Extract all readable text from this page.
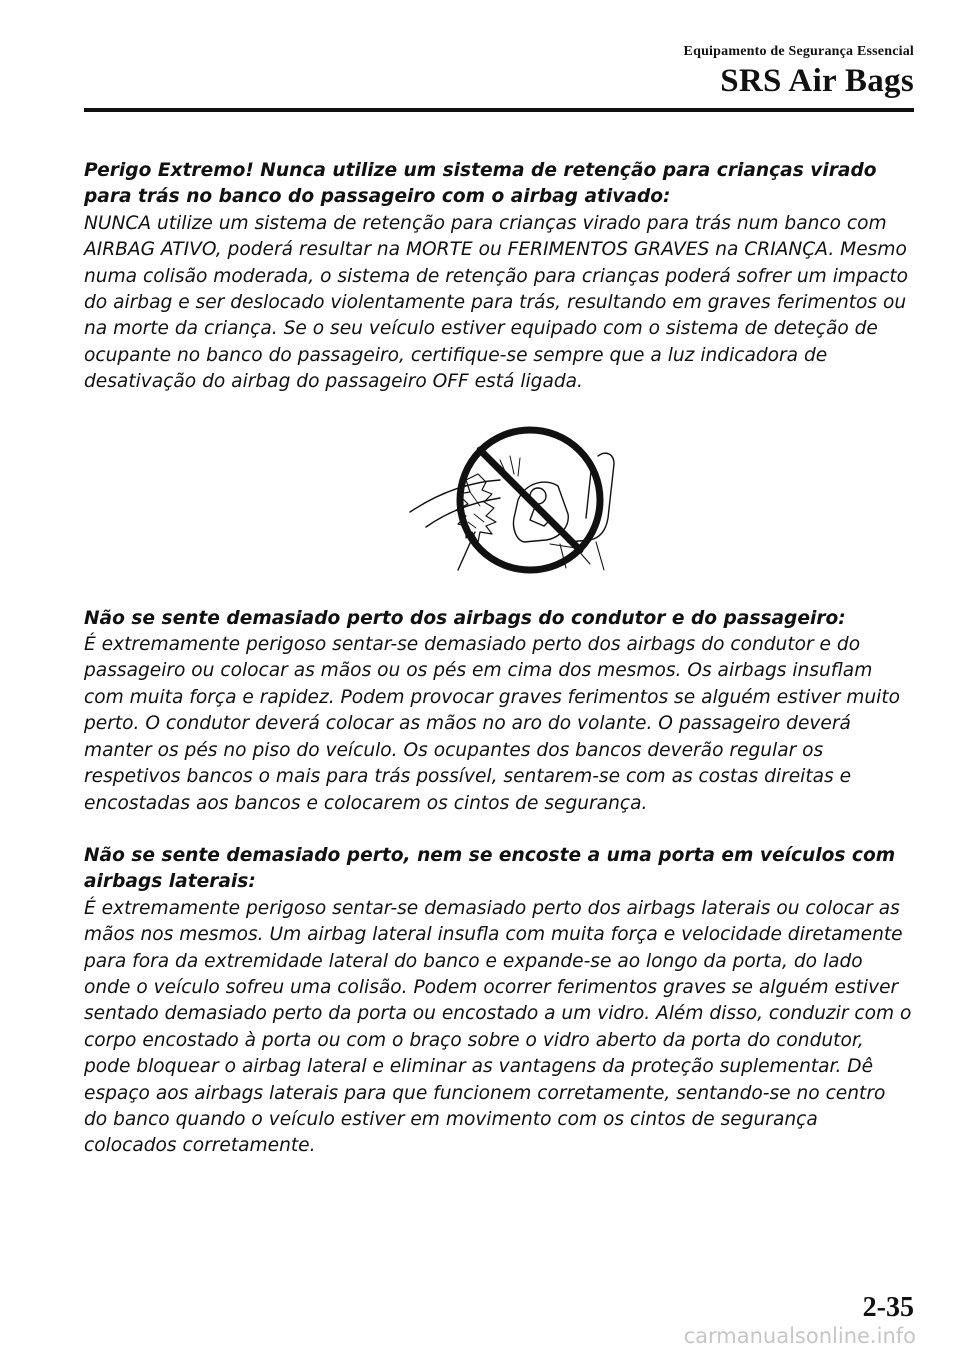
Equipamento de Segurança Essencial
SRS Air Bags

Perigo Extremo! Nunca utilize um sistema de retenção para crianças virado para trás no banco do passageiro com o airbag ativado:

NUNCA utilize um sistema de retenção para crianças virado para trás num banco com AIRBAG ATIVO, poderá resultar na MORTE ou FERIMENTOS GRAVES na CRIANÇA. Mesmo numa colisão moderada, o sistema de retenção para crianças poderá sofrer um impacto do airbag e ser deslocado violentamente para trás, resultando em graves ferimentos ou na morte da criança. Se o seu veículo estiver equipado com o sistema de deteção de ocupante no banco do passageiro, certifique-se sempre que a luz indicadora de desativação do airbag do passageiro OFF está ligada.

Não se sente demasiado perto dos airbags do condutor e do passageiro:

É extremamente perigoso sentar-se demasiado perto dos airbags do condutor e do passageiro ou colocar as mãos ou os pés em cima dos mesmos. Os airbags insuflam com muita força e rapidez. Podem provocar graves ferimentos se alguém estiver muito perto. O condutor deverá colocar as mãos no aro do volante. O passageiro deverá manter os pés no piso do veículo. Os ocupantes dos bancos deverão regular os respetivos bancos o mais para trás possível, sentarem-se com as costas direitas e encostadas aos bancos e colocarem os cintos de segurança.

Não se sente demasiado perto, nem se encoste a uma porta em veículos com airbags laterais:

É extremamente perigoso sentar-se demasiado perto dos airbags laterais ou colocar as mãos nos mesmos. Um airbag lateral insufla com muita força e velocidade diretamente para fora da extremidade lateral do banco e expande-se ao longo da porta, do lado onde o veículo sofreu uma colisão. Podem ocorrer ferimentos graves se alguém estiver sentado demasiado perto da porta ou encostado a um vidro. Além disso, conduzir com o corpo encostado à porta ou com o braço sobre o vidro aberto da porta do condutor, pode bloquear o airbag lateral e eliminar as vantagens da proteção suplementar. Dê espaço aos airbags laterais para que funcionem corretamente, sentando-se no centro do banco quando o veículo estiver em movimento com os cintos de segurança colocados corretamente.

2-35
carmanualsonline.info
